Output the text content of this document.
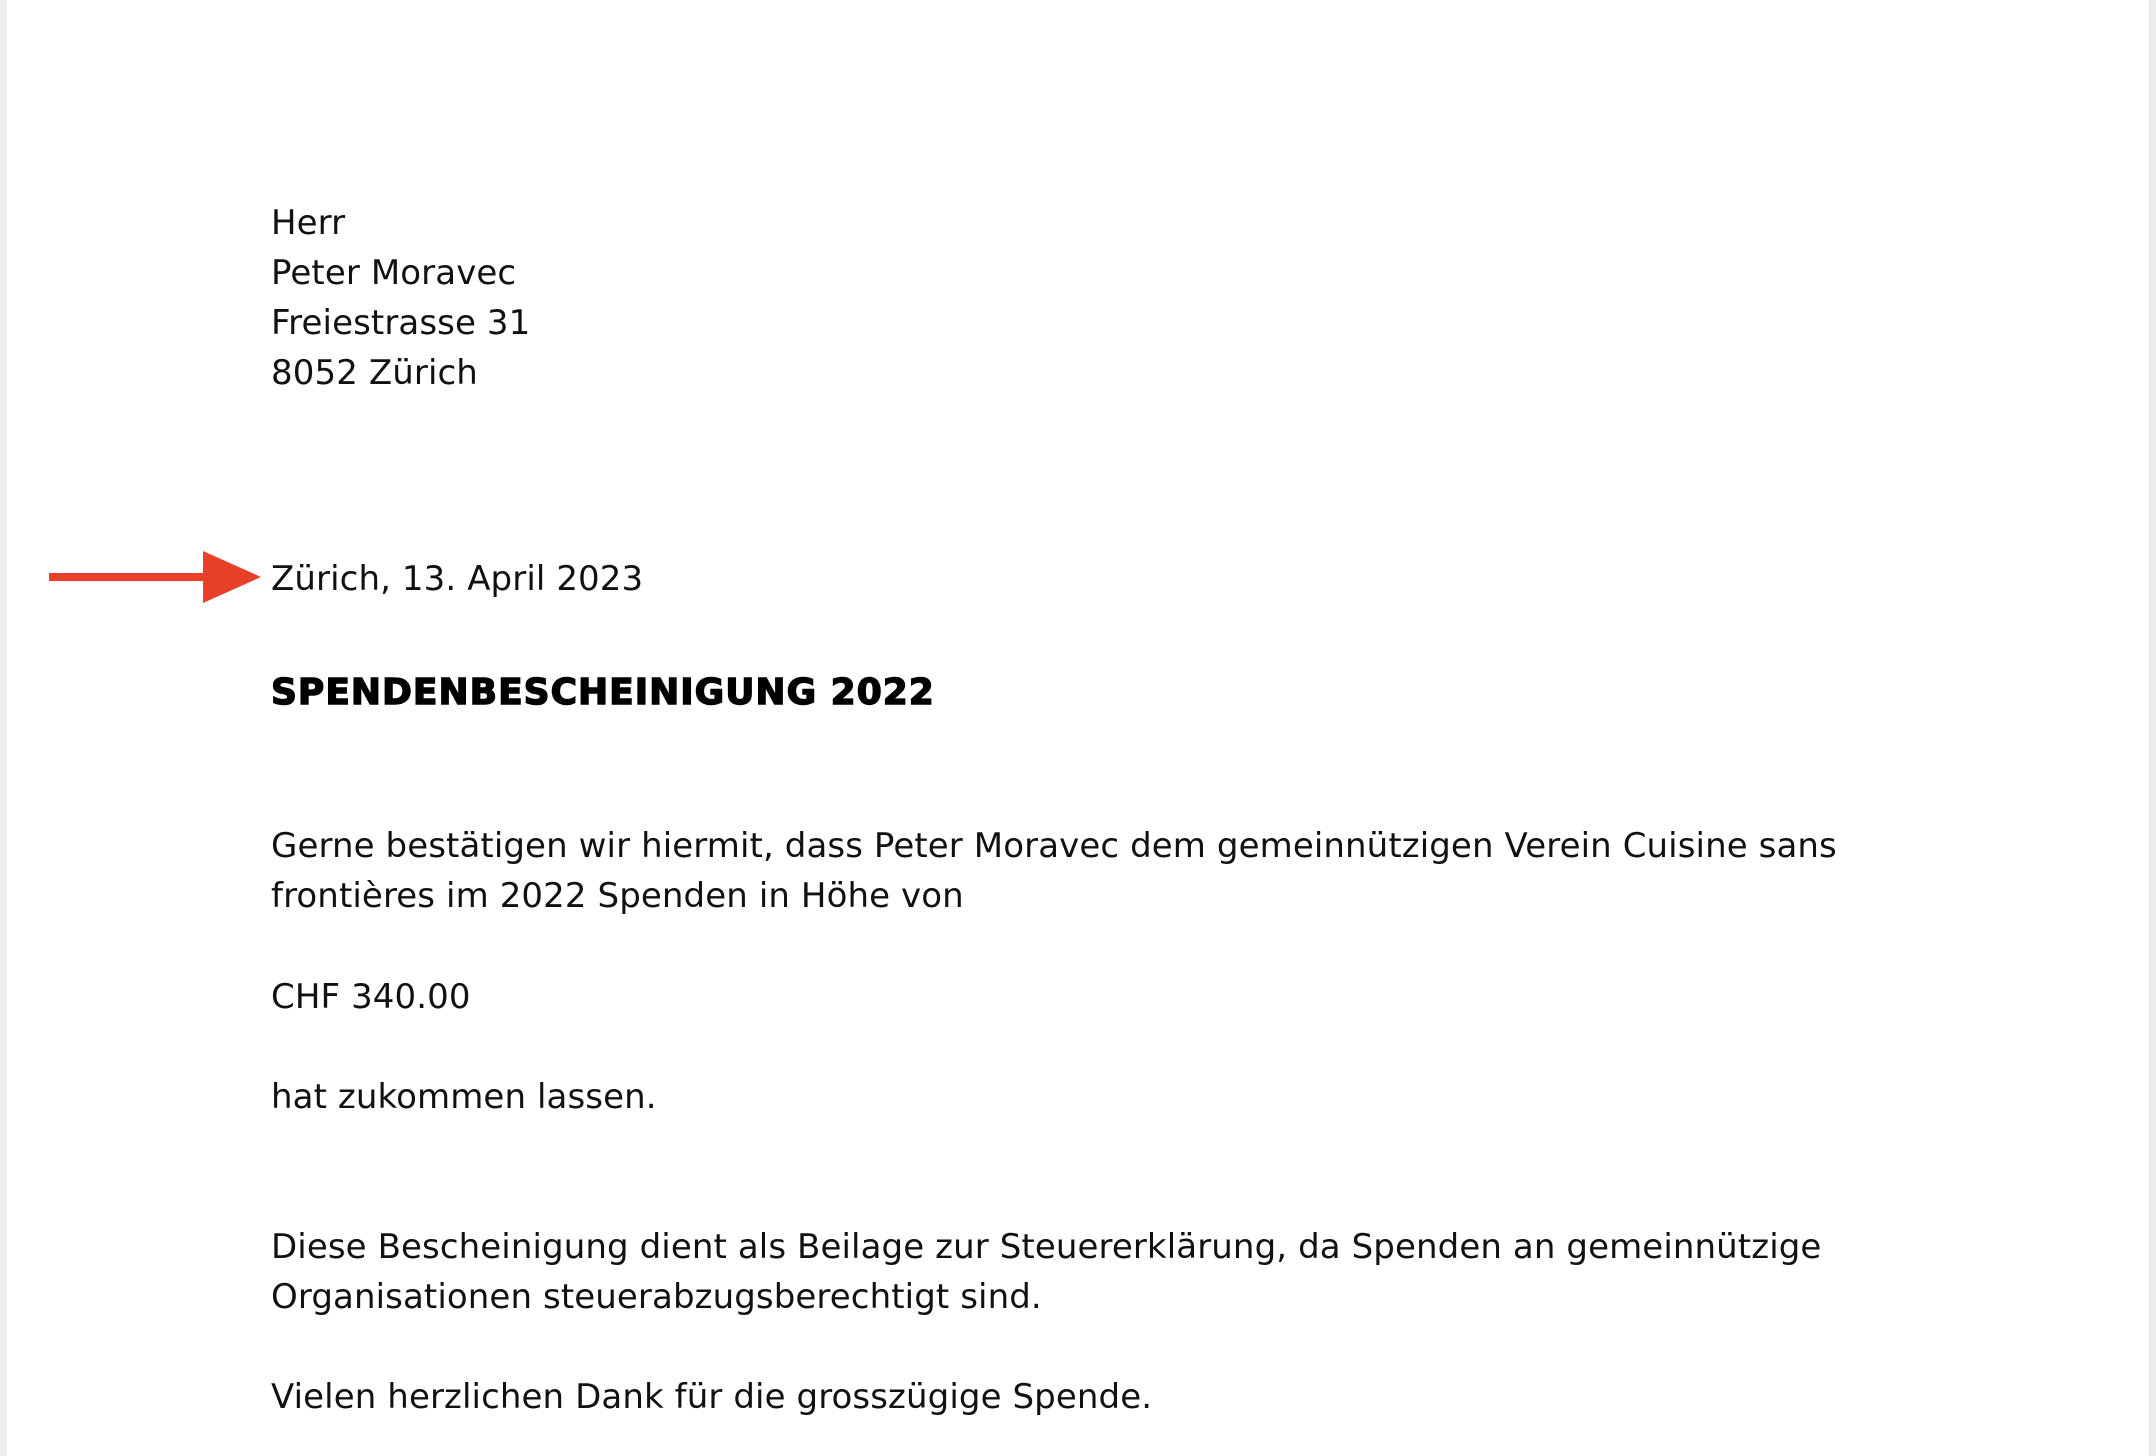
Herr
Peter Moravec
Freiestrasse 31
8052 Zürich
Zürich, 13. April 2023
SPENDENBESCHEINIGUNG 2022
Gerne bestätigen wir hiermit, dass Peter Moravec dem gemeinnützigen Verein Cuisine sans
frontières im 2022 Spenden in Höhe von
CHF 340.00
hat zukommen lassen.
Diese Bescheinigung dient als Beilage zur Steuererklärung, da Spenden an gemeinnützige
Organisationen steuerabzugsberechtigt sind.
Vielen herzlichen Dank für die grosszügige Spende.
